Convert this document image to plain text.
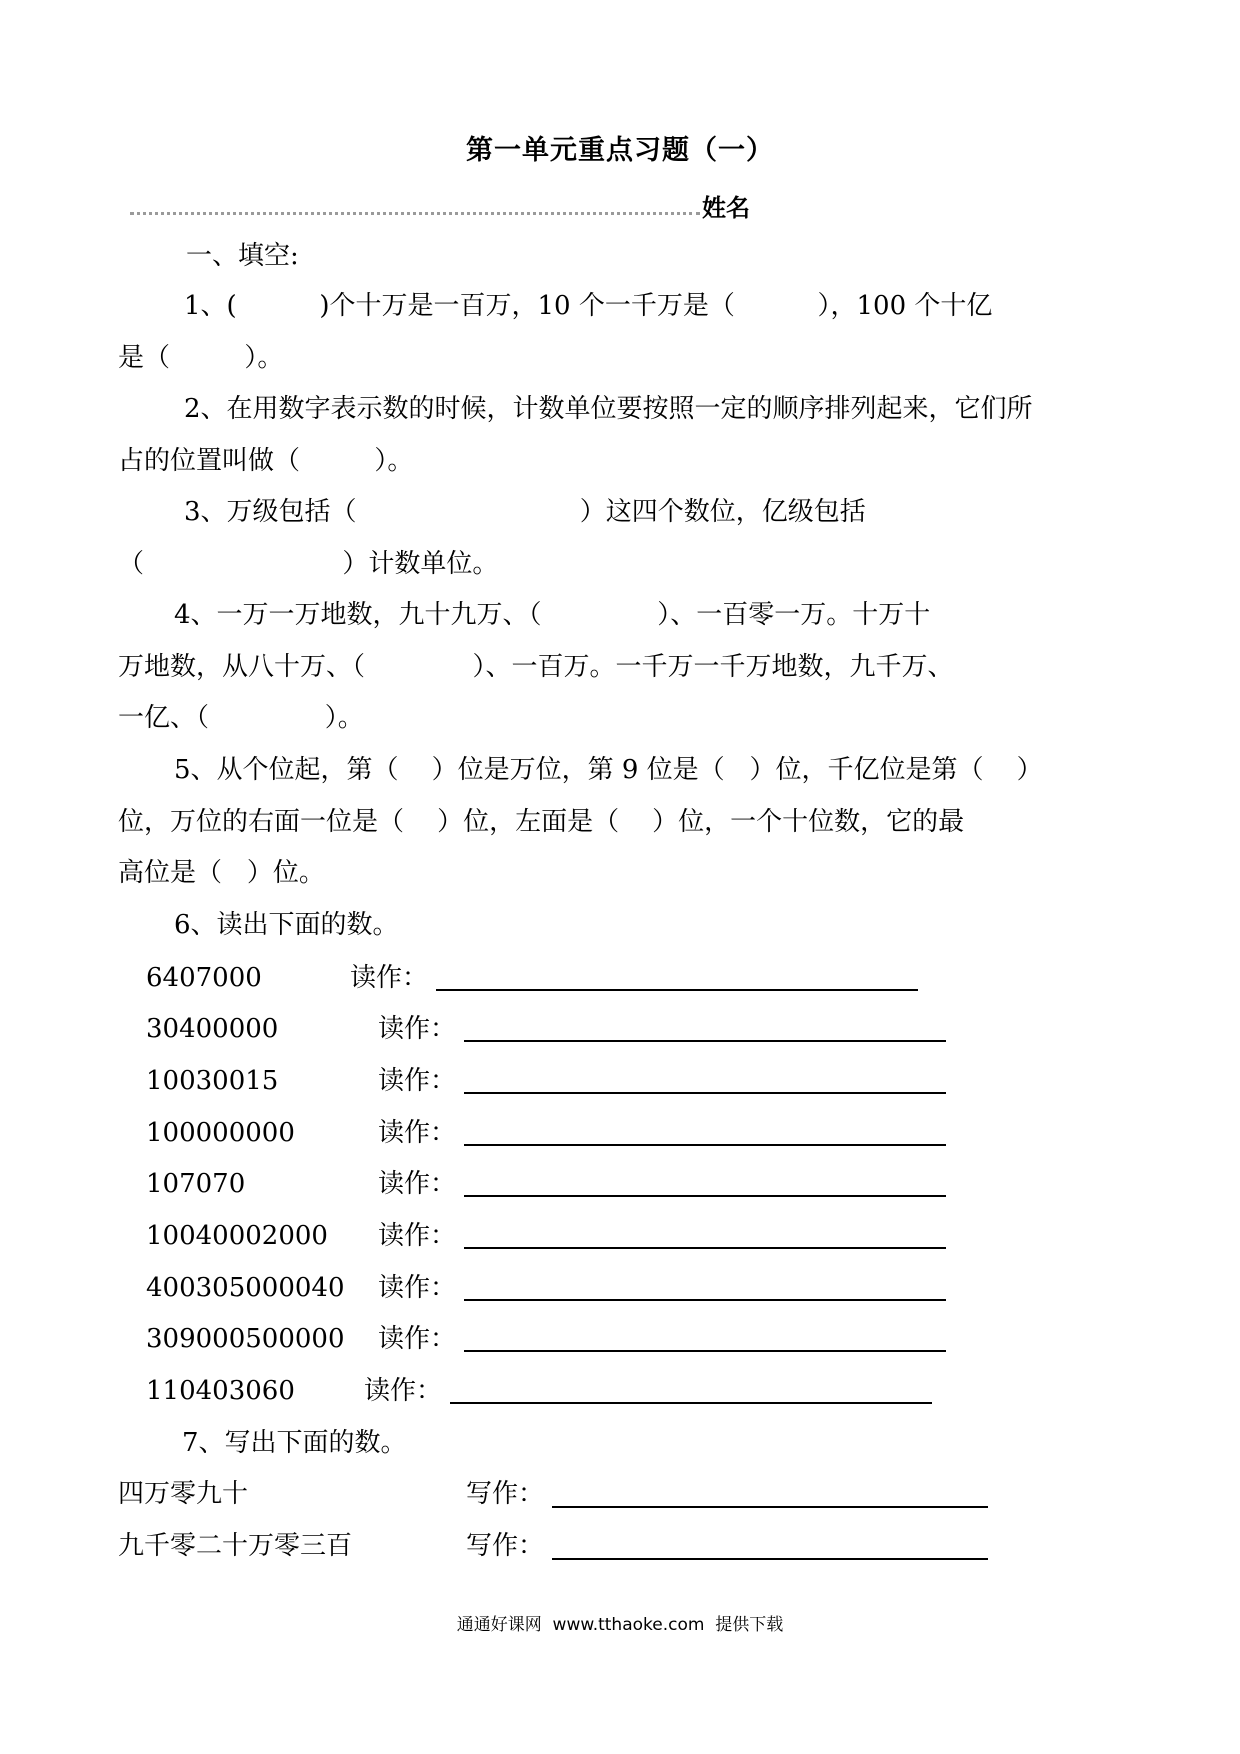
第一单元重点习题（一）
姓名
一、填空:
1、(	)个十万是一百万，10 个一千万是（	），100 个十亿
是（	）。
2、在用数字表示数的时候，计数单位要按照一定的顺序排列起来，它们所
占的位置叫做（	）。
3、万级包括（	）这四个数位，亿级包括
（	）计数单位。
4、一万一万地数，九十九万、（	）、一百零一万。十万十
万地数，从八十万、（	）、一百万。一千万一千万地数，九千万、
一亿、（	）。
5、从个位起，第（ ）位是万位，第 9 位是（ ）位，千亿位是第（ ）
位，万位的右面一位是（ ）位，左面是（ ）位，一个十位数，它的最
高位是（ ）位。
6、读出下面的数。
6407000	读作：
30400000	读作：
10030015	读作：
100000000	读作：
107070	读作：
10040002000 读作：
400305000040 读作：
309000500000 读作：
110403060	读作：
7、写出下面的数。
四万零九十	写作：
九千零二十万零三百	写作：
通通好课网  www.tthaoke.com  提供下载
